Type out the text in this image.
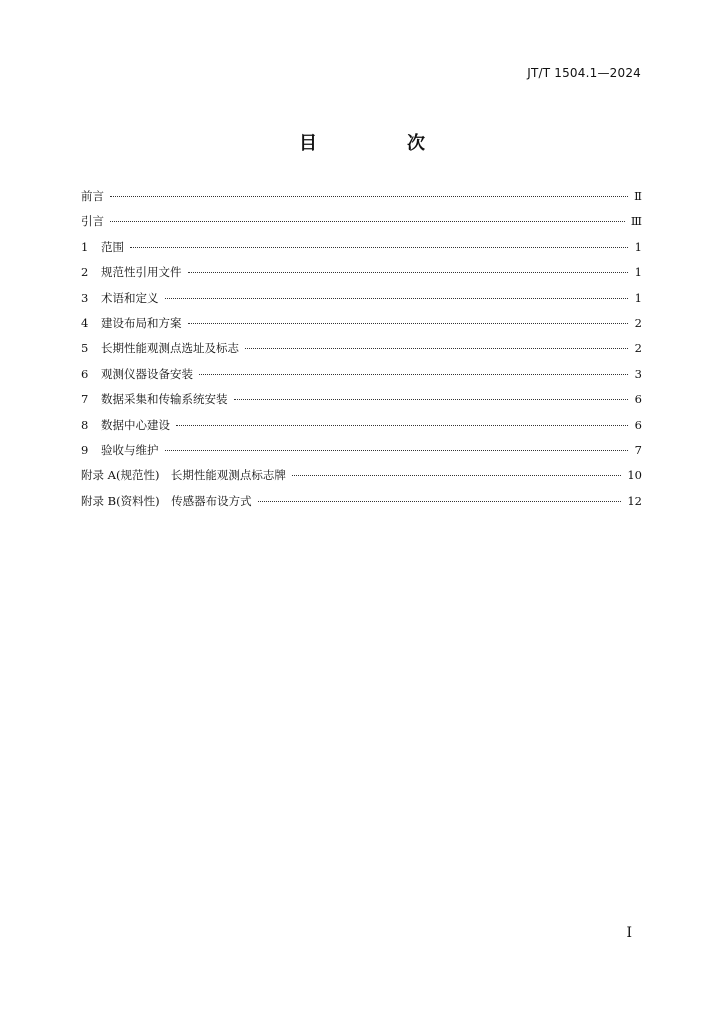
JT/T 1504.1—2024
目　次
前言	Ⅱ
引言	Ⅲ
1	范围	1
2	规范性引用文件	1
3	术语和定义	1
4	建设布局和方案	2
5	长期性能观测点选址及标志	2
6	观测仪器设备安装	3
7	数据采集和传输系统安装	6
8	数据中心建设	6
9	验收与维护	7
附录 A(规范性)　长期性能观测点标志牌	10
附录 B(资料性)　传感器布设方式	12
Ⅰ
